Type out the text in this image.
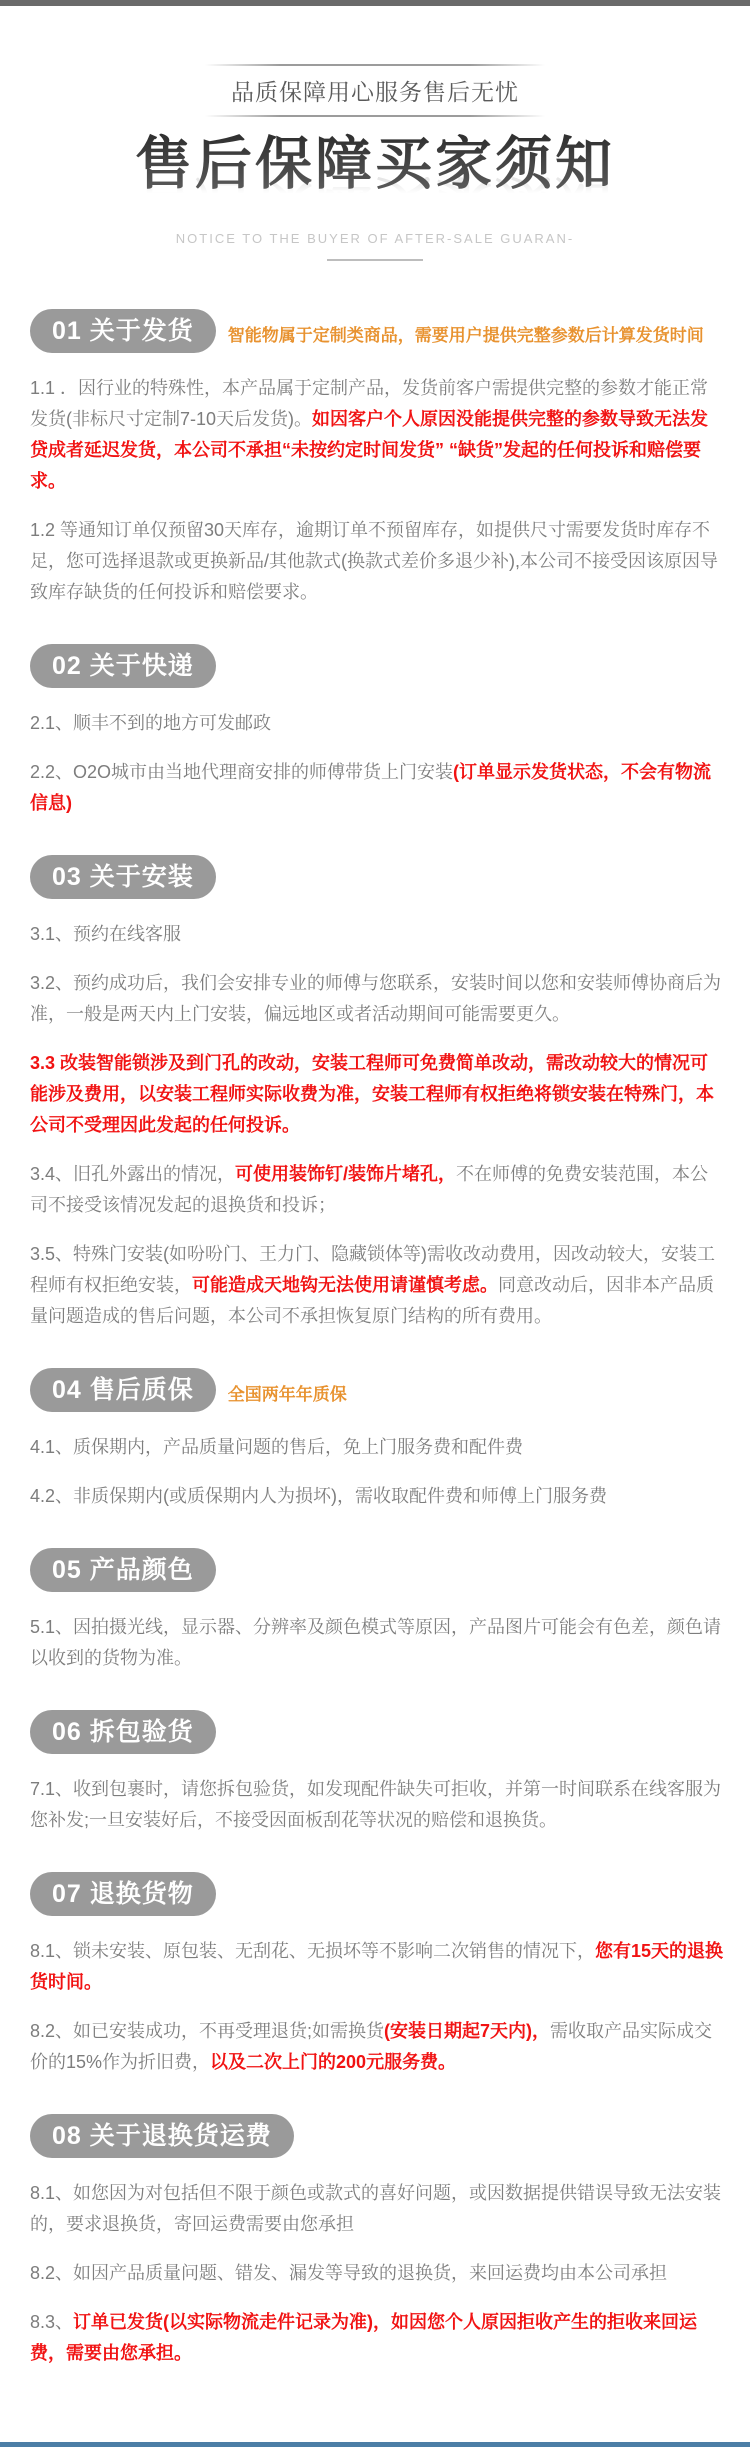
品质保障用心服务售后无忧
售后保障买家须知
NOTICE TO THE BUYER OF AFTER-SALE GUARAN-
01 关于发货	智能物属于定制类商品，需要用户提供完整参数后计算发货时间

1.1 ．因行业的特殊性，本产品属于定制产品，发货前客户需提供完整的参数才能正常发货(非标尺寸定制7-10天后发货)。如因客户个人原因没能提供完整的参数导致无法发贷成者延迟发货，本公司不承担“未按约定时间发货” “缺货”发起的任何投诉和赔偿要求。

1.2 等通知订单仅预留30天库存，逾期订单不预留库存，如提供尺寸需要发货时库存不足，您可选择退款或更换新品/其他款式(换款式差价多退少补),本公司不接受因该原因导致库存缺货的任何投诉和赔偿要求。

02 关于快递

2.1、顺丰不到的地方可发邮政

2.2、O2O城市由当地代理商安排的师傅带货上门安装(订单显示发货状态，不会有物流信息)

03 关于安装

3.1、预约在线客服

3.2、预约成功后，我们会安排专业的师傅与您联系，安装时间以您和安装师傅协商后为准，一般是两天内上门安装，偏远地区或者活动期间可能需要更久。

3.3 改装智能锁涉及到门孔的改动，安装工程师可免费简单改动，需改动较大的情况可能涉及费用，以安装工程师实际收费为准，安装工程师有权拒绝将锁安装在特殊门，本公司不受理因此发起的任何投诉。

3.4、旧孔外露出的情况，可使用装饰钉/装饰片堵孔，不在师傅的免费安装范围，本公司不接受该情况发起的退换货和投诉；

3.5、特殊门安装(如吩吩门、王力门、隐藏锁体等)需收改动费用，因改动较大，安装工程师有权拒绝安装，可能造成天地钩无法使用请谨慎考虑。同意改动后，因非本产品质量问题造成的售后问题，本公司不承担恢复原门结构的所有费用。

04 售后质保	全国两年年质保

4.1、质保期内，产品质量问题的售后，免上门服务费和配件费

4.2、非质保期内(或质保期内人为损坏)，需收取配件费和师傅上门服务费

05 产品颜色

5.1、因拍摄光线，显示器、分辨率及颜色模式等原因，产品图片可能会有色差，颜色请以收到的货物为准。

06 拆包验货

7.1、收到包裹时，请您拆包验货，如发现配件缺失可拒收，并第一时间联系在线客服为您补发;一旦安装好后，不接受因面板刮花等状况的赔偿和退换货。

07 退换货物

8.1、锁未安装、原包装、无刮花、无损坏等不影响二次销售的情况下，您有15天的退换货时间。

8.2、如已安装成功，不再受理退货;如需换货(安装日期起7天内)，需收取产品实际成交价的15%作为折旧费，以及二次上门的200元服务费。

08 关于退换货运费

8.1、如您因为对包括但不限于颜色或款式的喜好问题，或因数据提供错误导致无法安装的，要求退换货，寄回运费需要由您承担

8.2、如因产品质量问题、错发、漏发等导致的退换货，来回运费均由本公司承担

8.3、订单已发货(以实际物流走件记录为准)，如因您个人原因拒收产生的拒收来回运费，需要由您承担。
